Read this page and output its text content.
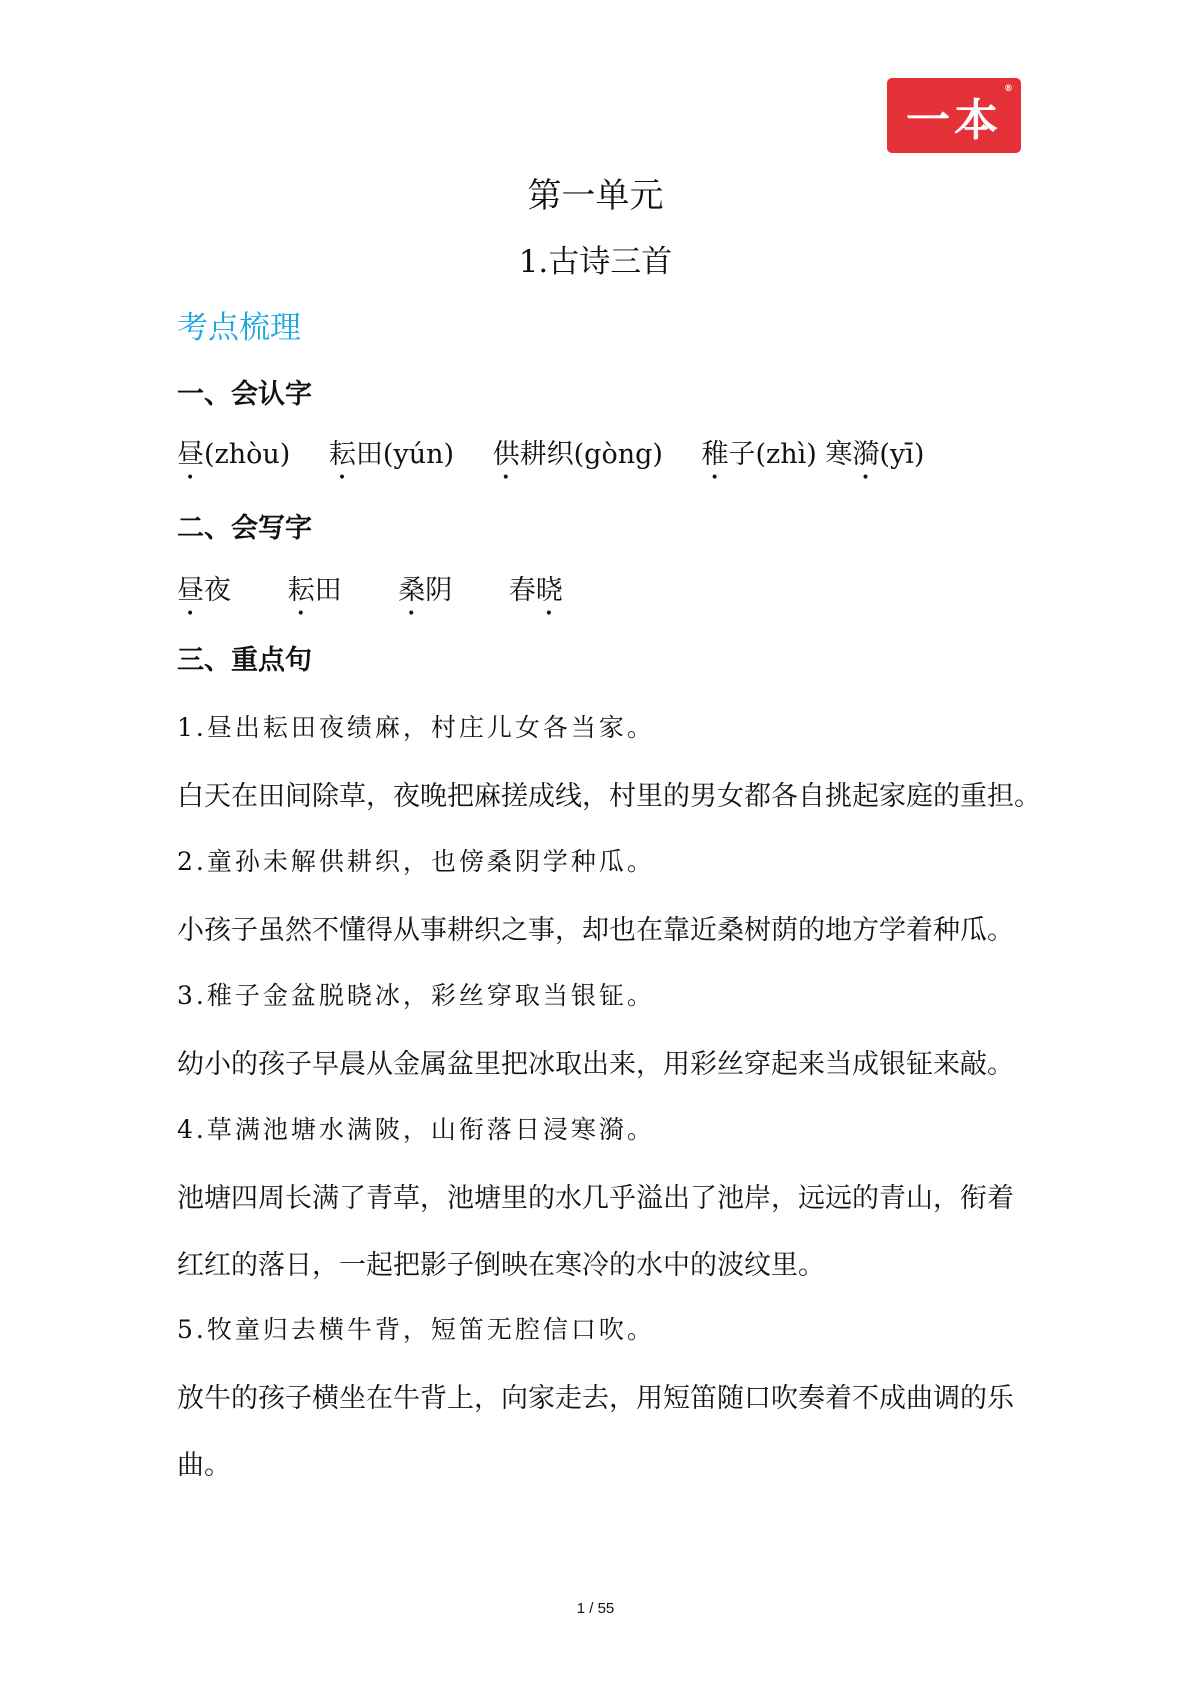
一本
®
第一单元
1.古诗三首
考点梳理
一、会认字
昼(zhòu) 耘田(yún) 供耕织(gòng) 稚子(zhì) 寒漪(yī)
二、会写字
昼夜 耘田 桑阴 春晓
三、重点句
1.昼出耘田夜绩麻，村庄儿女各当家。
白天在田间除草，夜晚把麻搓成线，村里的男女都各自挑起家庭的重担。
2.童孙未解供耕织，也傍桑阴学种瓜。
小孩子虽然不懂得从事耕织之事，却也在靠近桑树荫的地方学着种瓜。
3.稚子金盆脱晓冰，彩丝穿取当银钲。
幼小的孩子早晨从金属盆里把冰取出来，用彩丝穿起来当成银钲来敲。
4.草满池塘水满陂，山衔落日浸寒漪。
池塘四周长满了青草，池塘里的水几乎溢出了池岸，远远的青山，衔着
红红的落日，一起把影子倒映在寒冷的水中的波纹里。
5.牧童归去横牛背，短笛无腔信口吹。
放牛的孩子横坐在牛背上，向家走去，用短笛随口吹奏着不成曲调的乐
曲。
1 / 55
